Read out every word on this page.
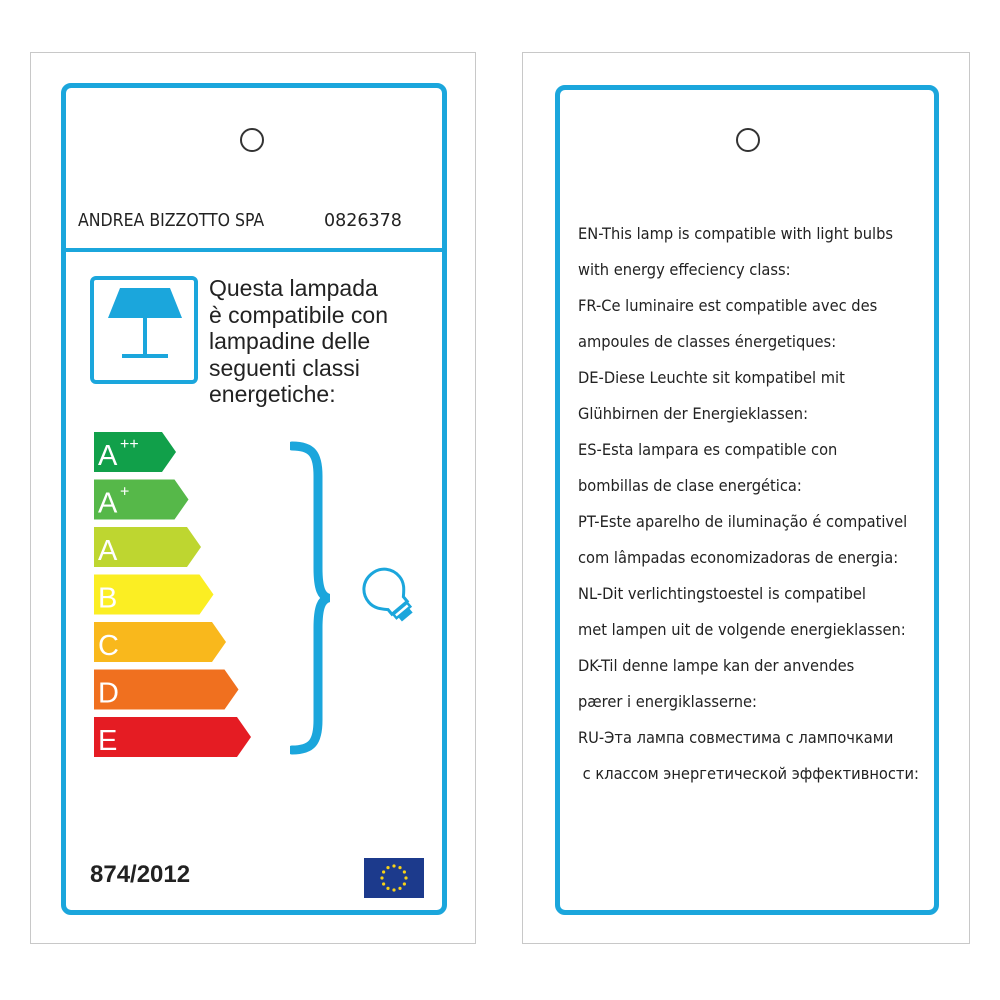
ANDREA BIZZOTTO SPA	0826378
Questa lampada
è compatibile con
lampadine delle
seguenti classi
energetiche:
A ++
A +
A
B
C
D
E
874/2012
EN-This lamp is compatible with light bulbs
with energy effeciency class:
FR-Ce luminaire est compatible avec des
ampoules de classes énergetiques:
DE-Diese Leuchte sit kompatibel mit
Glühbirnen der Energieklassen:
ES-Esta lampara es compatible con
bombillas de clase energética:
PT-Este aparelho de iluminação é compativel
com lâmpadas economizadoras de energia:
NL-Dit verlichtingstoestel is compatibel
met lampen uit de volgende energieklassen:
DK-Til denne lampe kan der anvendes
pærer i energiklasserne:
RU-Эта лампа совместима с лампочками
с классом энергетической эффективности:
